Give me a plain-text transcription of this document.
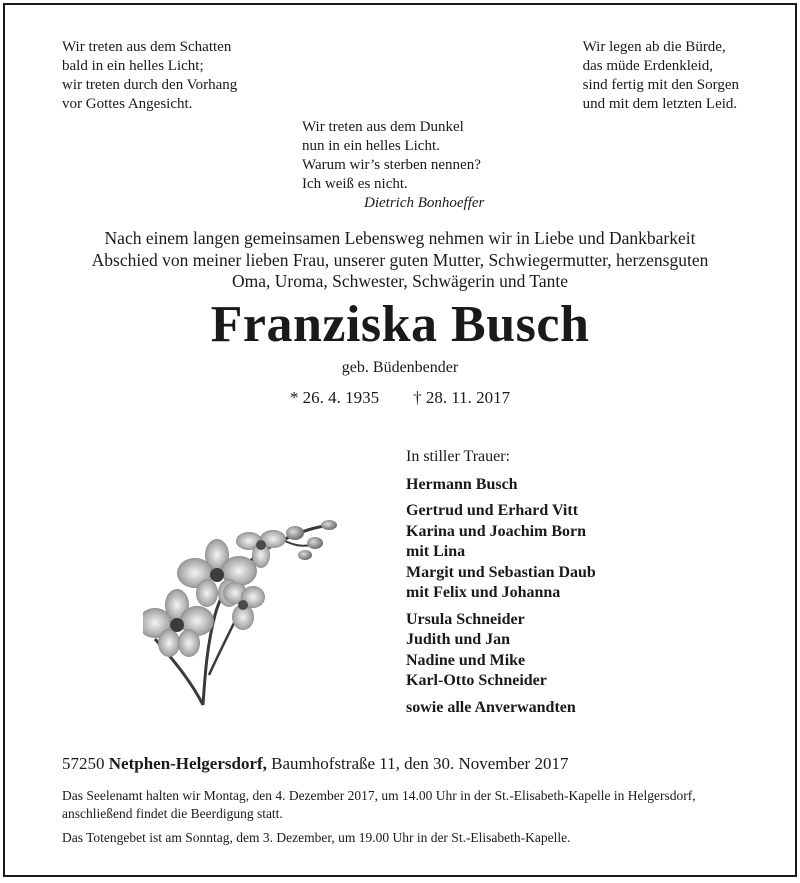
Wir treten aus dem Schatten
bald in ein helles Licht;
wir treten durch den Vorhang
vor Gottes Angesicht.
Wir legen ab die Bürde,
das müde Erdenkleid,
sind fertig mit den Sorgen
und mit dem letzten Leid.
Wir treten aus dem Dunkel
nun in ein helles Licht.
Warum wir’s sterben nennen?
Ich weiß es nicht.
Dietrich Bonhoeffer
Nach einem langen gemeinsamen Lebensweg nehmen wir in Liebe und Dankbarkeit
Abschied von meiner lieben Frau, unserer guten Mutter, Schwiegermutter, herzensguten
Oma, Uroma, Schwester, Schwägerin und Tante
Franziska Busch
geb. Büdenbender
* 26. 4. 1935 † 28. 11. 2017
In stiller Trauer:
Hermann Busch
Gertrud und Erhard Vitt
Karina und Joachim Born
mit Lina
Margit und Sebastian Daub
mit Felix und Johanna
Ursula Schneider
Judith und Jan
Nadine und Mike
Karl-Otto Schneider
sowie alle Anverwandten
57250 Netphen-Helgersdorf, Baumhofstraße 11, den 30. November 2017

Das Seelenamt halten wir Montag, den 4. Dezember 2017, um 14.00 Uhr in der St.-Elisabeth-Kapelle in Helgersdorf, anschließend findet die Beerdigung statt.

Das Totengebet ist am Sonntag, dem 3. Dezember, um 19.00 Uhr in der St.-Elisabeth-Kapelle.
